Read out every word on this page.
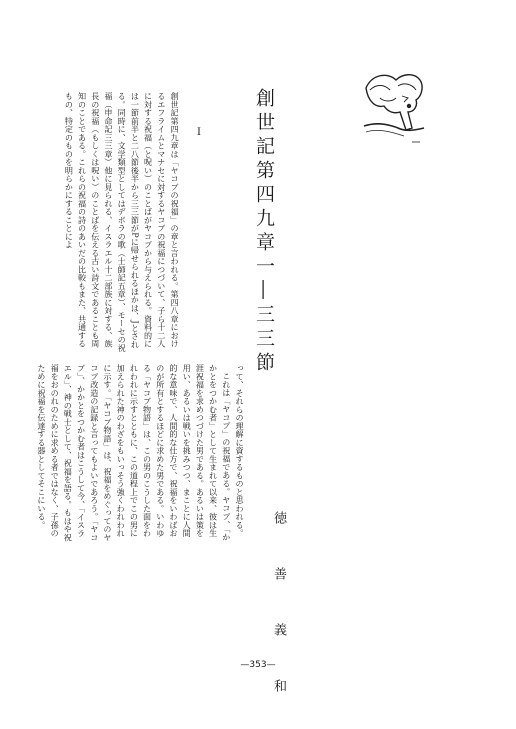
創世記第四九章一―三三節
I

創世記第四九章は「ヤコブの祝福」の章と言われる。第四八章におけるエフライムとマナセに対するヤコブの祝福につづいて、子ら十二人に対する祝福（と呪い）のことばがヤコブから与えられる。資料的には一節前半と二八節後半から三三節がPに帰せられるほかは、Jとされる。同時に、文学類型としてはデボラの歌（士師記五章）、モーセの祝福（申命記三三章）他に見られる、イスラエル十二部族に対する、族長の祝福（もしくは呪い）のことばを伝える古い詩文であることも周知のことである。これらの祝福の詩のあいだの比較もまた、共通するもの、特定のものを明らかにすることによ

って、それらの理解に資するものと思われる。

これは「ヤコブ」の祝福である。ヤコブ、「かかとをつかむ者」として生まれて以来、彼は生涯祝福を求めつづけた男である。あるいは策を用い、あるいは戦いを挑みつつ、まことに人間的な意味で、人間的な仕方で、祝福をいわばおのが所有とするほどに求めた男である。いわゆる「ヤコブ物語」は、この男のこうした面をわれわれに示すとともに、この道程上でこの男に加えられた神のわざをもいっそう強くわれわれに示す。「ヤコブ物語」は、祝福をめぐってのヤコブ改造の記録と言ってもよいであろう。「ヤコブ」、かかとをつかむ者はこうして今、「イスラエル」、神の戦士として、祝福を語る。もはや祝福をおのれのために求める者ではなく、子孫のために祝福を伝達する器としてそこにいる。

徳　善　義　和
—353—
